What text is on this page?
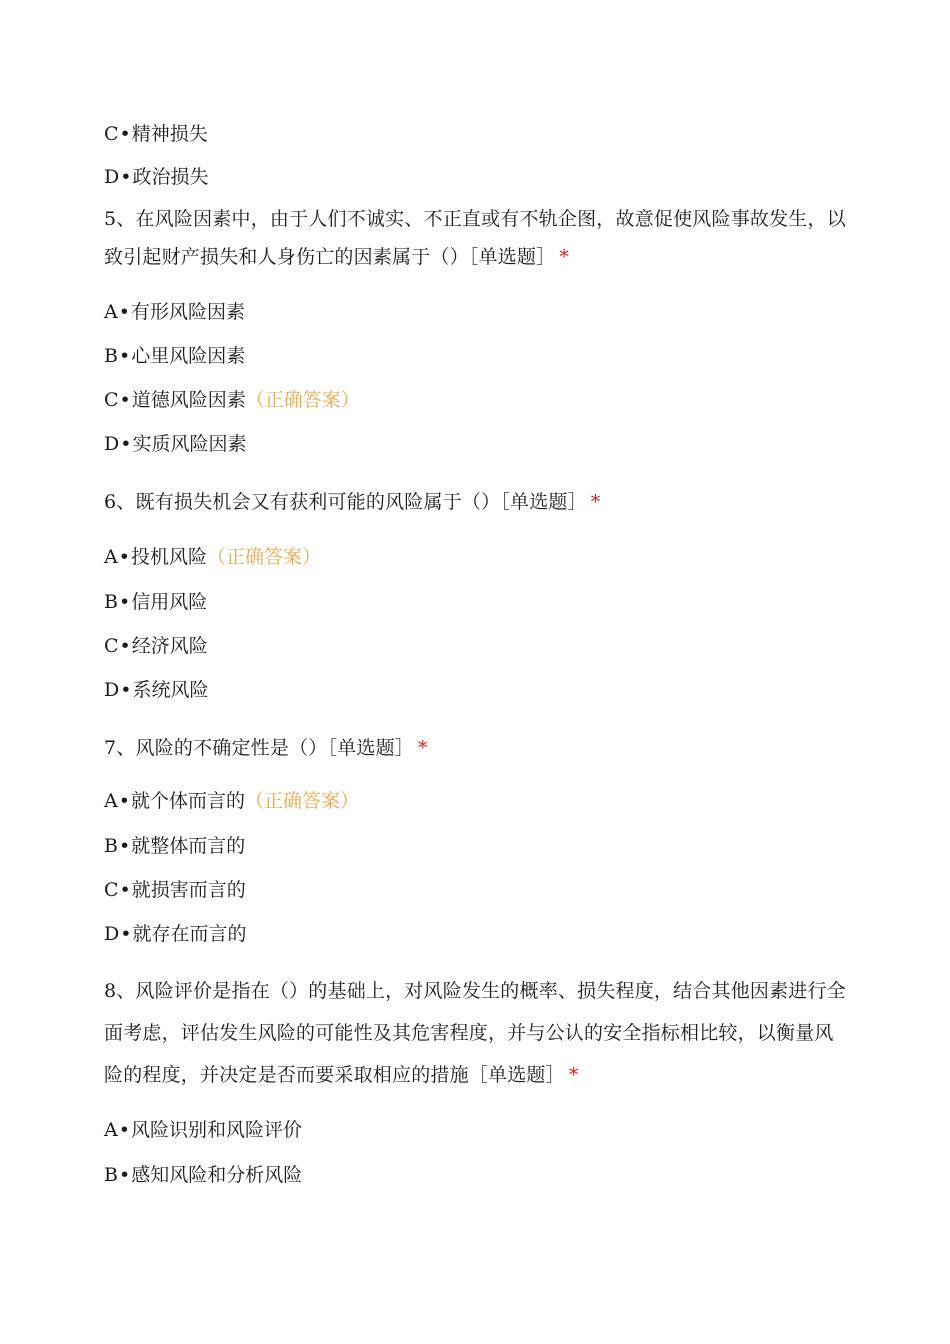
C•精神损失
D•政治损失
5、在风险因素中，由于人们不诚实、不正直或有不轨企图，故意促使风险事故发生，以致引起财产损失和人身伤亡的因素属于（）［单选题］ *
A•有形风险因素
B•心里风险因素
C•道德风险因素（正确答案）
D•实质风险因素
6、既有损失机会又有获利可能的风险属于（）［单选题］ *
A•投机风险（正确答案）
B•信用风险
C•经济风险
D•系统风险
7、风险的不确定性是（）［单选题］ *
A•就个体而言的（正确答案）
B•就整体而言的
C•就损害而言的
D•就存在而言的
8、风险评价是指在（）的基础上，对风险发生的概率、损失程度，结合其他因素进行全面考虑，评估发生风险的可能性及其危害程度，并与公认的安全指标相比较，以衡量风险的程度，并决定是否而要采取相应的措施［单选题］ *
A•风险识别和风险评价
B•感知风险和分析风险
